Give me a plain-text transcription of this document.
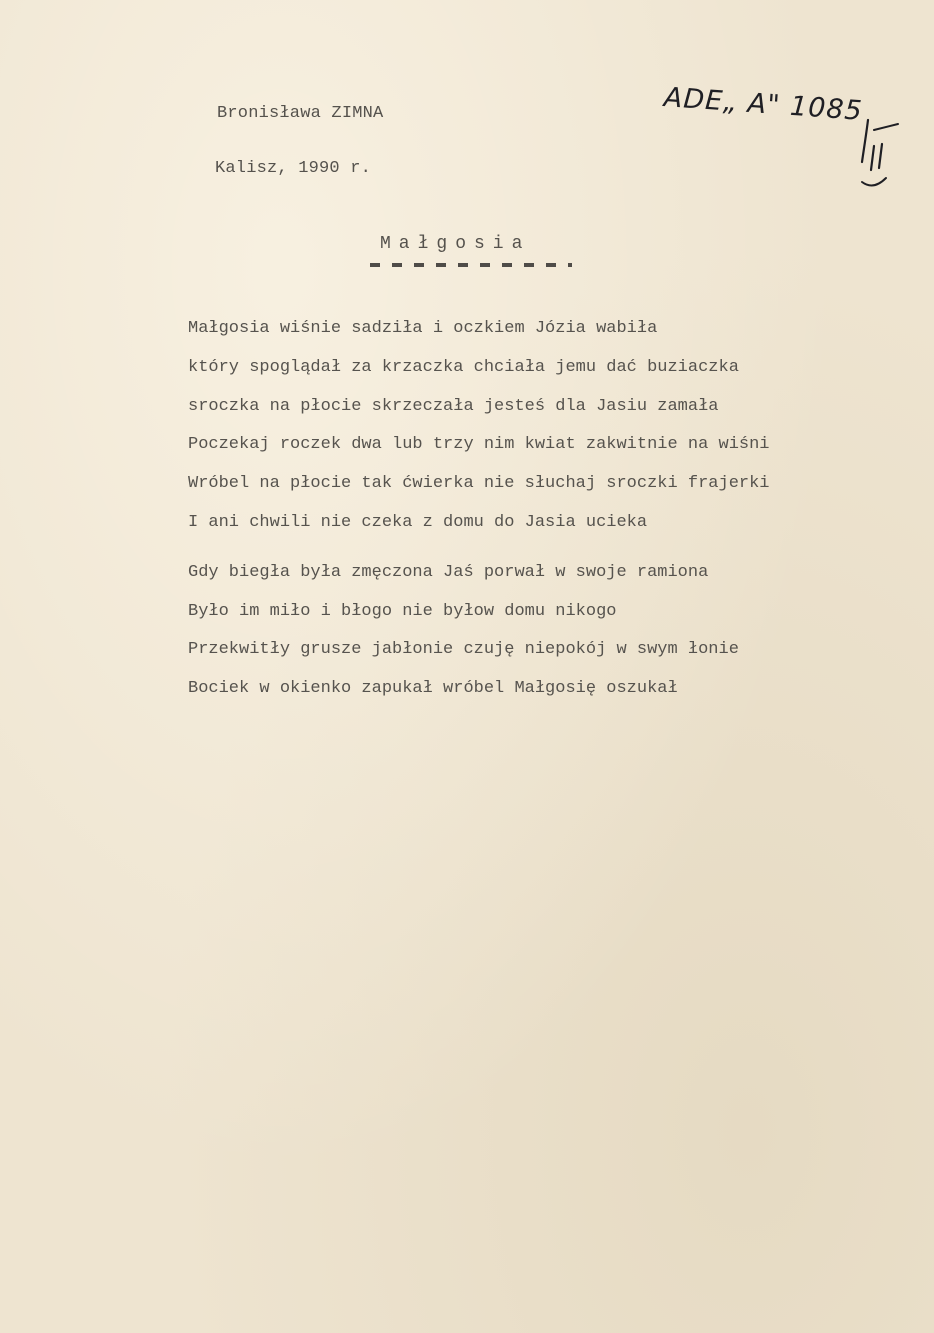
Bronisława ZIMNA
Kalisz, 1990 r.
ADE„ A" 1085
Małgosia
Małgosia wiśnie sadziła i oczkiem Józia wabiła
który spoglądał za krzaczka chciała jemu dać buziaczka
sroczka na płocie skrzeczała jesteś dla Jasiu zamała
Poczekaj roczek dwa lub trzy nim kwiat zakwitnie na wiśni
Wróbel na płocie tak ćwierka nie słuchaj sroczki frajerki
I ani chwili nie czeka z domu do Jasia ucieka
Gdy biegła była zmęczona Jaś porwał w swoje ramiona
Było im miło i błogo nie byłow domu nikogo
Przekwitły grusze jabłonie czuję niepokój w swym łonie
Bociek w okienko zapukał wróbel Małgosię oszukał
